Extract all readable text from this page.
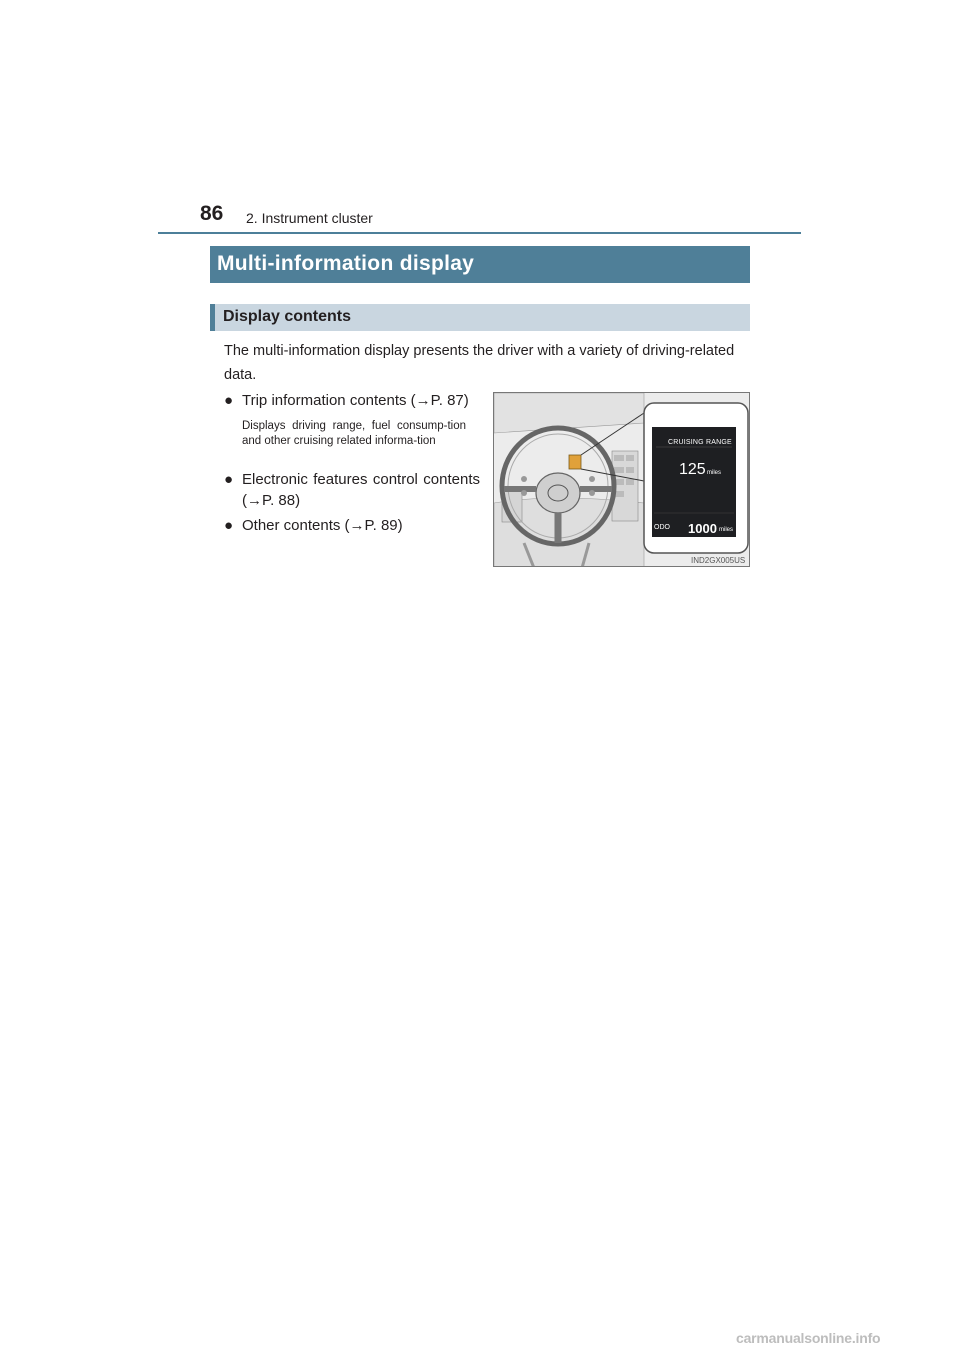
86 2. Instrument cluster
Multi-information display
Display contents
The multi-information display presents the driver with a variety of driving-related data.
● Trip information contents (→P. 87)
Displays driving range, fuel consump-tion and other cruising related informa-tion
● Electronic features control contents (→P. 88)
● Other contents (→P. 89)
CRUISING RANGE
125 miles
ODO 1000 miles
IND2GX005US
carmanualsonline.info
